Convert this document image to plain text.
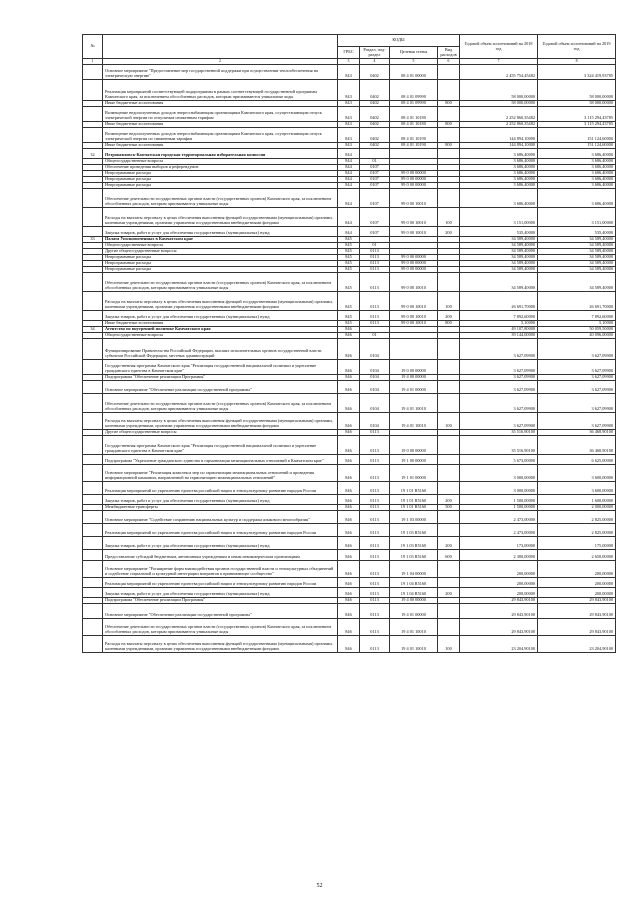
№		КОДЫ				Годовой объем ассигнований на 2018 год	Годовой объем ассигнований на 2019 год
		ГРБС	Раздел, под-раздел	Целевая статья	Вид расходов		
1	2	3	4	5	6	7	8
	Основное мероприятие "Предоставление мер государственной поддержки при осуществлении теплообеспечения на электрическую энергию"	843	0402	08 4 01 00000		2 455 754,45482	3 324 419,93785
	Реализация мероприятий соответствующей подпрограммы в рамках соответствующей государственной программы Камчатского края, за исключением обособленных расходов, которым присваиваются уникальные коды	843	0402	08 4 01 09990		58 000,00000	58 000,00000
	Иные бюджетные ассигнования	843	0402	08 4 01 09990	800	58 000,00000	58 000,00000
	Возмещение недополученных доходов энергоснабжающим организациям Камчатского края, осуществляющим отпуск электрической энергии по отпускным сниженным тарифам	843	0402	08 4 01 10180		2 252 860,35482	3 115 294,43785
	Иные бюджетные ассигнования	843	0402	08 4 01 10180	800	2 252 860,35482	3 115 294,43785
	Возмещение недополученных доходов энергоснабжающим организациям Камчатского края, осуществляющим отпуск электрической энергии по сниженным тарифам	843	0402	08 4 01 10190		144 894,10000	151 124,60000
	Иные бюджетные ассигнования	843	0402	08 4 01 10190	800	144 894,10000	151 124,60000
32	Петропавловск-Камчатская городская территориальная избирательная комиссия	844				3 686,40000	3 686,40000
	Общегосударственные вопросы	844	01			3 686,40000	3 686,40000
	Обеспечение проведения выборов и референдумов	844	0107			3 686,40000	3 686,40000
	Непрограммные расходы	844	0107	99 0 00 00000		3 686,40000	3 686,40000
	Непрограммные расходы	844	0107	99 0 00 00000		3 686,40000	3 686,40000
	Непрограммные расходы	844	0107	99 0 00 00000		3 686,40000	3 686,40000
	Обеспечение деятельности государственных органов власти (государственных органов) Камчатского края, за исключением обособленных расходов, которым присваиваются уникальные коды	844	0107	99 0 00 10010		3 686,40000	3 686,40000
	Расходы на выплаты персоналу в целях обеспечения выполнения функций государственными (муниципальными) органами, казенными учреждениями, органами управления государственными внебюджетными фондами	844	0107	99 0 00 10010	100	3 151,00000	3 151,00000
	Закупка товаров, работ и услуг для обеспечения государственных (муниципальных) нужд	844	0107	99 0 00 10010	200	535,40000	535,40000
33	Палата Уполномоченных в Камчатском крае	845				34 589,40000	34 589,40000
	Общегосударственные вопросы	845	01			34 589,40000	34 589,40000
	Другие общегосударственные вопросы	845	0113			34 589,40000	34 589,40000
	Непрограммные расходы	845	0113	99 0 00 00000		34 589,40000	34 589,40000
	Непрограммные расходы	845	0113	99 0 00 00000		34 589,40000	34 589,40000
	Непрограммные расходы	845	0113	99 0 00 00000		34 589,40000	34 589,40000
	Обеспечение деятельности государственных органов власти (государственных органов) Камчатского края, за исключением обособленных расходов, которым присваиваются уникальные коды	845	0113	99 0 00 10010		34 589,40000	34 589,40000
	Расходы на выплаты персоналу в целях обеспечения выполнения функций государственными (муниципальными) органами, казенными учреждениями, органами управления государственными внебюджетными фондами	845	0113	99 0 00 10010	100	26 691,70000	26 691,70000
	Закупка товаров, работ и услуг для обеспечения государственных (муниципальных) нужд	845	0113	99 0 00 10010	200	7 892,60000	7 892,60000
	Иные бюджетные ассигнования	845	0113	99 0 00 10010	800	5,10000	5,10000
34	Агентство по внутренней политике Камчатского края	846				49 107,80000	50 059,50000
	Общегосударственные вопросы	846	01			39 144,00000	40 096,00000
	Функционирование Правительства Российской Федерации, высших исполнительных органов государственной власти субъектов Российской Федерации, местных администраций	846	0104			3 627,09900	3 627,09900
	Государственная программа Камчатского края "Реализация государственной национальной политики и укрепление гражданского единства в Камчатском крае"	846	0104	19 0 00 00000		3 627,09900	3 627,09900
	Подпрограмма "Обеспечение реализации Программы"	846	0104	19 4 00 00000		3 627,09900	3 627,09900
	Основное мероприятие "Обеспечение реализации государственной программы"	846	0104	19 4 01 00000		3 627,09900	3 627,09900
	Обеспечение деятельности государственных органов власти (государственных органов) Камчатского края, за исключением обособленных расходов, которым присваиваются уникальные коды	846	0104	19 4 01 10010		3 627,09900	3 627,09900
	Расходы на выплаты персоналу в целях обеспечения выполнения функций государственными (муниципальными) органами, казенными учреждениями, органами управления государственными внебюджетными фондами	846	0104	19 4 01 10010	100	3 627,09900	3 627,09900
	Другие общегосударственные вопросы	846	0113			35 516,90100	36 468,90100
	Государственная программа Камчатского края "Реализация государственной национальной политики и укрепление гражданского единства в Камчатском крае"	846	0113	19 0 00 00000		35 516,90100	36 468,90100
	Подпрограмма "Укрепление гражданского единства и гармонизация межнациональных отношений в Камчатском крае"	846	0113	19 1 00 00000		5 673,00000	6 625,00000
	Основное мероприятие "Реализация комплекса мер по гармонизации межнациональных отношений и проведения информационной кампании, направленной на гармонизацию межнациональных отношений"	846	0113	19 1 01 00000		3 000,00000	3 600,00000
	Реализация мероприятий по укреплению единства российской нации и этнокультурному развитию народов России	846	0113	19 1 01 R5160		3 000,00000	3 600,00000
	Закупка товаров, работ и услуг для обеспечения государственных (муниципальных) нужд	846	0113	19 1 01 R5160	200	1 500,00000	1 600,00000
	Межбюджетные трансферты	846	0113	19 1 01 R5160	500	1 500,00000	2 000,00000
	Основное мероприятие "Содействие сохранению национальных культур и поддержка языкового многообразия"	846	0113	19 1 03 00000		2 473,00000	2 825,00000
	Реализация мероприятий по укреплению единства российской нации и этнокультурному развитию народов России	846	0113	19 1 03 R5160		2 473,00000	2 825,00000
	Закупка товаров, работ и услуг для обеспечения государственных (муниципальных) нужд	846	0113	19 1 03 R5160	200	173,00000	175,00000
	Предоставление субсидий бюджетным, автономным учреждениям и иным некоммерческим организациям	846	0113	19 1 03 R5160	600	2 300,00000	2 650,00000
	Основное мероприятие "Расширение форм взаимодействия органов государственной власти и этнокультурных объединений и содействие социальной и культурной интеграции мигрантов в принимающее сообщество"	846	0113	19 1 04 00000		200,00000	200,00000
	Реализация мероприятий по укреплению единства российской нации и этнокультурному развитию народов России	846	0113	19 1 04 R5160		200,00000	200,00000
	Закупка товаров, работ и услуг для обеспечения государственных (муниципальных) нужд	846	0113	19 1 04 R5160	200	200,00000	200,00000
	Подпрограмма "Обеспечение реализации Программы"	846	0113	19 4 00 00000		29 843,90100	29 843,90100
	Основное мероприятие "Обеспечение реализации государственной программы"	846	0113	19 4 01 00000		29 843,90100	29 843,90100
	Обеспечение деятельности государственных органов власти (государственных органов) Камчатского края, за исключением обособленных расходов, которым присваиваются уникальные коды	846	0113	19 4 01 10010		29 843,90100	29 843,90100
	Расходы на выплаты персоналу в целях обеспечения выполнения функций государственными (муниципальными) органами, казенными учреждениями, органами управления государственными внебюджетными фондами	846	0113	19 4 01 10010	100	23 204,90100	23 204,90100
52
